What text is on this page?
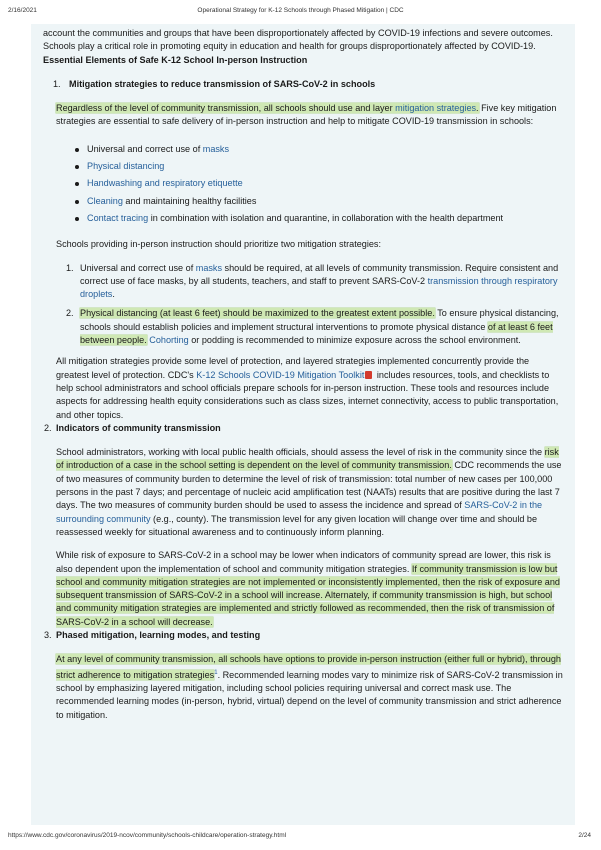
2/16/2021	Operational Strategy for K-12 Schools through Phased Mitigation | CDC

account the communities and groups that have been disproportionately affected by COVID-19 infections and severe outcomes. Schools play a critical role in promoting equity in education and health for groups disproportionately affected by COVID-19.

Essential Elements of Safe K-12 School In-person Instruction

1. Mitigation strategies to reduce transmission of SARS-CoV-2 in schools

Regardless of the level of community transmission, all schools should use and layer mitigation strategies. Five key mitigation strategies are essential to safe delivery of in-person instruction and help to mitigate COVID-19 transmission in schools:

Universal and correct use of masks
Physical distancing
Handwashing and respiratory etiquette
Cleaning and maintaining healthy facilities
Contact tracing in combination with isolation and quarantine, in collaboration with the health department

Schools providing in-person instruction should prioritize two mitigation strategies:

1. Universal and correct use of masks should be required, at all levels of community transmission. Require consistent and correct use of face masks, by all students, teachers, and staff to prevent SARS-CoV-2 transmission through respiratory droplets.

2. Physical distancing (at least 6 feet) should be maximized to the greatest extent possible. To ensure physical distancing, schools should establish policies and implement structural interventions to promote physical distance of at least 6 feet between people. Cohorting or podding is recommended to minimize exposure across the school environment.

All mitigation strategies provide some level of protection, and layered strategies implemented concurrently provide the greatest level of protection. CDC's K-12 Schools COVID-19 Mitigation Toolkit includes resources, tools, and checklists to help school administrators and school officials prepare schools for in-person instruction. These tools and resources include aspects for addressing health equity considerations such as class sizes, internet connectivity, access to public transportation, and other topics.

2. Indicators of community transmission

School administrators, working with local public health officials, should assess the level of risk in the community since the risk of introduction of a case in the school setting is dependent on the level of community transmission. CDC recommends the use of two measures of community burden to determine the level of risk of transmission: total number of new cases per 100,000 persons in the past 7 days; and percentage of nucleic acid amplification test (NAATs) results that are positive during the last 7 days. The two measures of community burden should be used to assess the incidence and spread of SARS-CoV-2 in the surrounding community (e.g., county). The transmission level for any given location will change over time and should be reassessed weekly for situational awareness and to continuously inform planning.

While risk of exposure to SARS-CoV-2 in a school may be lower when indicators of community spread are lower, this risk is also dependent upon the implementation of school and community mitigation strategies. If community transmission is low but school and community mitigation strategies are not implemented or inconsistently implemented, then the risk of exposure and subsequent transmission of SARS-CoV-2 in a school will increase. Alternately, if community transmission is high, but school and community mitigation strategies are implemented and strictly followed as recommended, then the risk of transmission of SARS-CoV-2 in a school will decrease.

3. Phased mitigation, learning modes, and testing

At any level of community transmission, all schools have options to provide in-person instruction (either full or hybrid), through strict adherence to mitigation strategies$^1$. Recommended learning modes vary to minimize risk of SARS-CoV-2 transmission in school by emphasizing layered mitigation, including school policies requiring universal and correct mask use. The recommended learning modes (in-person, hybrid, virtual) depend on the level of community transmission and strict adherence to mitigation.

https://www.cdc.gov/coronavirus/2019-ncov/community/schools-childcare/operation-strategy.html	2/24
